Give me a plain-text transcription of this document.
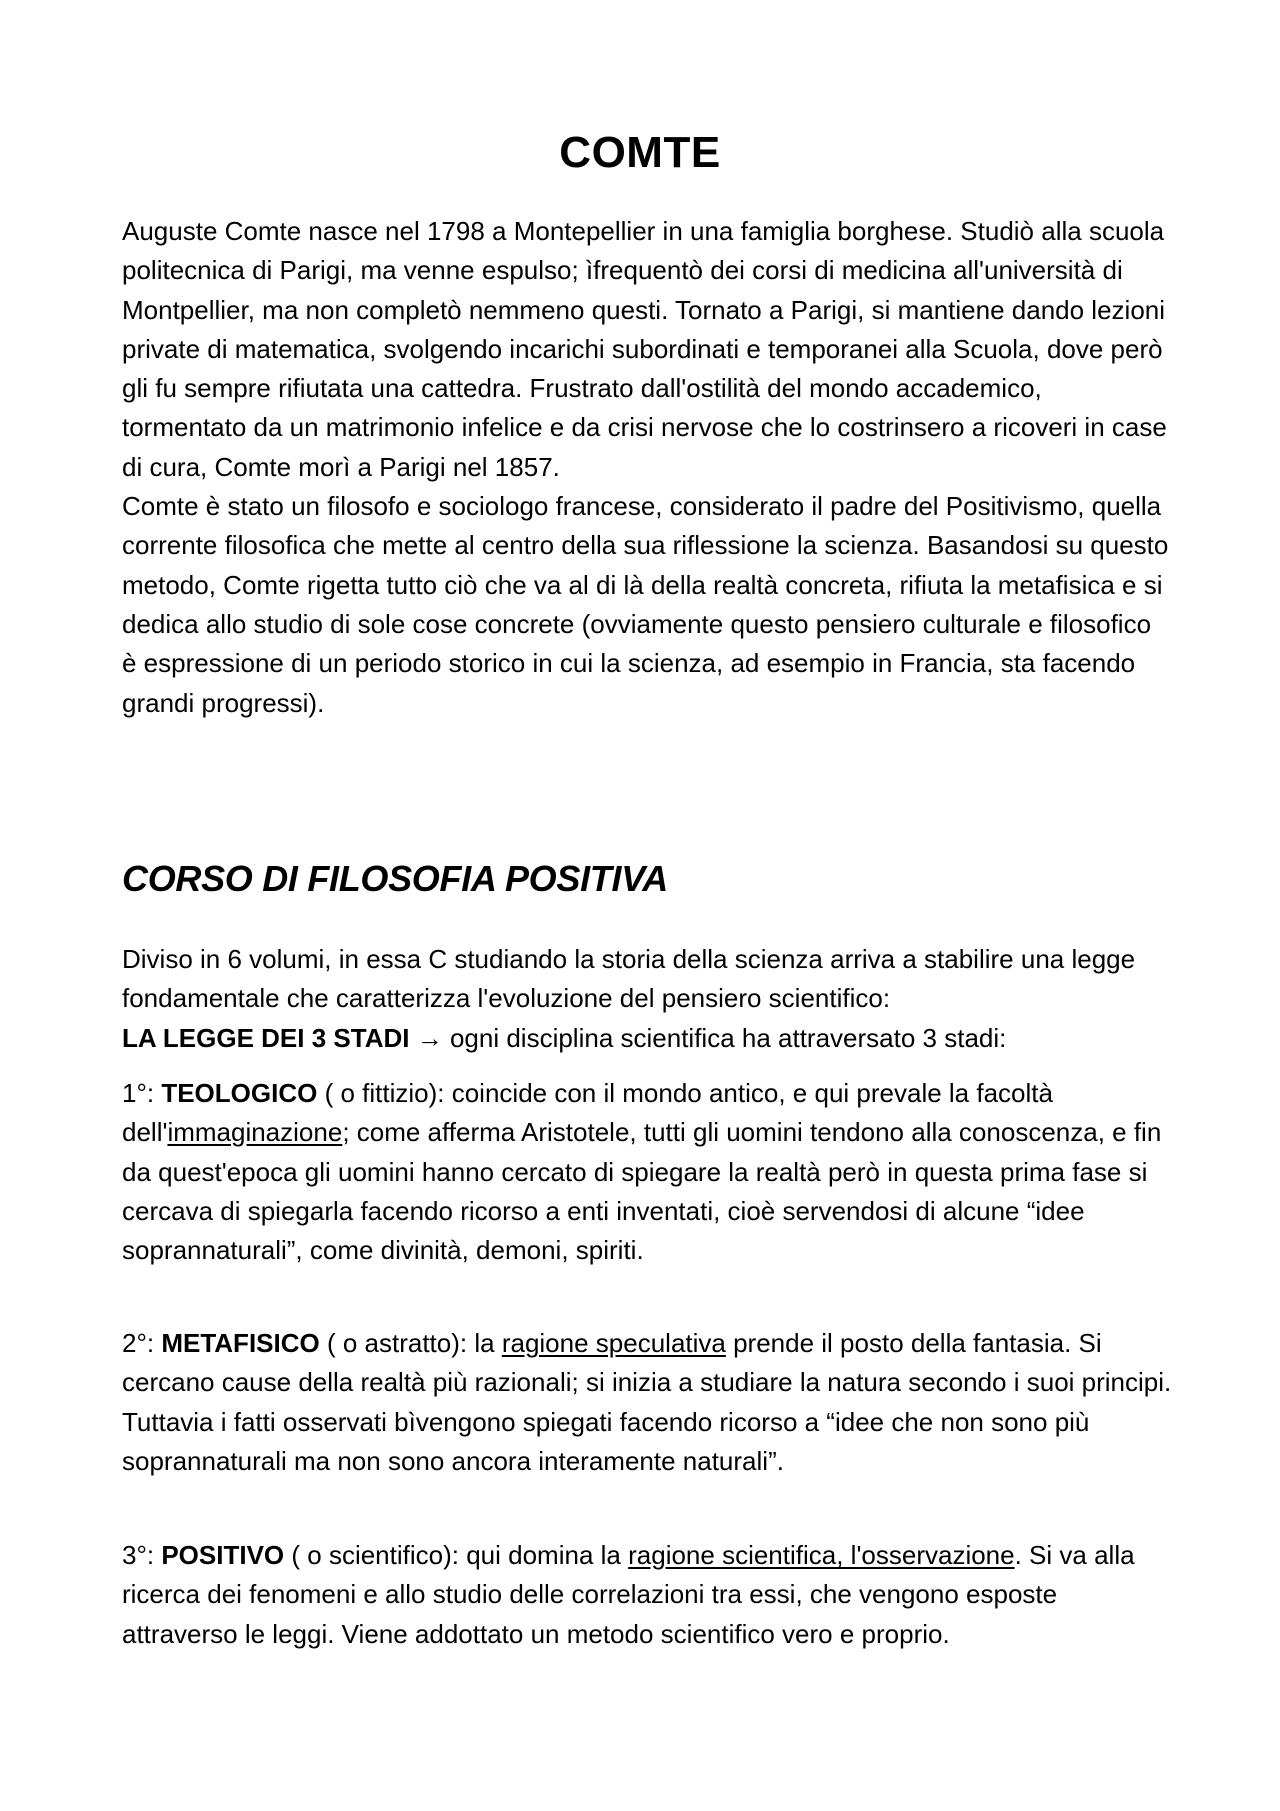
COMTE

Auguste Comte nasce nel 1798 a Montepellier in una famiglia borghese. Studiò alla scuola politecnica di Parigi, ma venne espulso; ìfrequentò dei corsi di medicina all'università di Montpellier, ma non completò nemmeno questi. Tornato a Parigi, si mantiene dando lezioni private di matematica, svolgendo incarichi subordinati e temporanei alla Scuola, dove però gli fu sempre rifiutata una cattedra. Frustrato dall'ostilità del mondo accademico, tormentato da un matrimonio infelice e da crisi nervose che lo costrinsero a ricoveri in case di cura, Comte morì a Parigi nel 1857.

Comte è stato un filosofo e sociologo francese, considerato il padre del Positivismo, quella corrente filosofica che mette al centro della sua riflessione la scienza. Basandosi su questo metodo, Comte rigetta tutto ciò che va al di là della realtà concreta, rifiuta la metafisica e si dedica allo studio di sole cose concrete (ovviamente questo pensiero culturale e filosofico è espressione di un periodo storico in cui la scienza, ad esempio in Francia, sta facendo grandi progressi).

CORSO DI FILOSOFIA POSITIVA
Diviso in 6 volumi, in essa C studiando la storia della scienza arriva a stabilire una legge fondamentale che caratterizza l'evoluzione del pensiero scientifico:
LA LEGGE DEI 3 STADI → ogni disciplina scientifica ha attraversato 3 stadi:
1°: TEOLOGICO ( o fittizio): coincide con il mondo antico, e qui prevale la facoltà dell'immaginazione; come afferma Aristotele, tutti gli uomini tendono alla conoscenza, e fin da quest'epoca gli uomini hanno cercato di spiegare la realtà però in questa prima fase si cercava di spiegarla facendo ricorso a enti inventati, cioè servendosi di alcune “idee soprannaturali”, come divinità, demoni, spiriti.
2°: METAFISICO ( o astratto): la ragione speculativa prende il posto della fantasia. Si cercano cause della realtà più razionali; si inizia a studiare la natura secondo i suoi principi. Tuttavia i fatti osservati bìvengono spiegati facendo ricorso a “idee che non sono più soprannaturali ma non sono ancora interamente naturali”.
3°: POSITIVO ( o scientifico): qui domina la ragione scientifica, l'osservazione. Si va alla ricerca dei fenomeni e allo studio delle correlazioni tra essi, che vengono esposte attraverso le leggi. Viene addottato un metodo scientifico vero e proprio.
